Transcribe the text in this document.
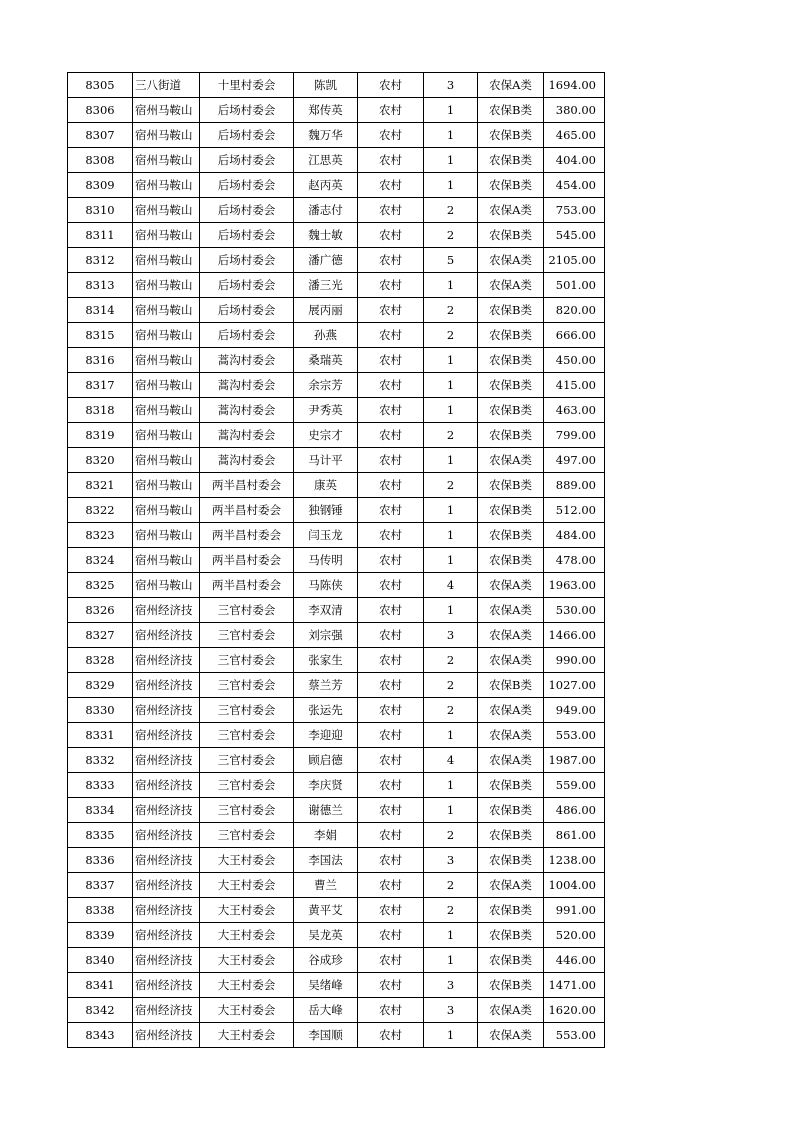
8305	三八街道	十里村委会	陈凯	农村	3	农保A类	1694.00
8306	宿州马鞍山	后场村委会	郑传英	农村	1	农保B类	380.00
8307	宿州马鞍山	后场村委会	魏万华	农村	1	农保B类	465.00
8308	宿州马鞍山	后场村委会	江思英	农村	1	农保B类	404.00
8309	宿州马鞍山	后场村委会	赵丙英	农村	1	农保B类	454.00
8310	宿州马鞍山	后场村委会	潘志付	农村	2	农保A类	753.00
8311	宿州马鞍山	后场村委会	魏士敏	农村	2	农保B类	545.00
8312	宿州马鞍山	后场村委会	潘广德	农村	5	农保A类	2105.00
8313	宿州马鞍山	后场村委会	潘三光	农村	1	农保A类	501.00
8314	宿州马鞍山	后场村委会	展丙丽	农村	2	农保B类	820.00
8315	宿州马鞍山	后场村委会	孙燕	农村	2	农保B类	666.00
8316	宿州马鞍山	蒿沟村委会	桑瑞英	农村	1	农保B类	450.00
8317	宿州马鞍山	蒿沟村委会	余宗芳	农村	1	农保B类	415.00
8318	宿州马鞍山	蒿沟村委会	尹秀英	农村	1	农保B类	463.00
8319	宿州马鞍山	蒿沟村委会	史宗才	农村	2	农保B类	799.00
8320	宿州马鞍山	蒿沟村委会	马计平	农村	1	农保A类	497.00
8321	宿州马鞍山	两半昌村委会	康英	农村	2	农保B类	889.00
8322	宿州马鞍山	两半昌村委会	独钢锤	农村	1	农保B类	512.00
8323	宿州马鞍山	两半昌村委会	闫玉龙	农村	1	农保B类	484.00
8324	宿州马鞍山	两半昌村委会	马传明	农村	1	农保B类	478.00
8325	宿州马鞍山	两半昌村委会	马陈侠	农村	4	农保A类	1963.00
8326	宿州经济技	三官村委会	李双清	农村	1	农保A类	530.00
8327	宿州经济技	三官村委会	刘宗强	农村	3	农保A类	1466.00
8328	宿州经济技	三官村委会	张家生	农村	2	农保A类	990.00
8329	宿州经济技	三官村委会	蔡兰芳	农村	2	农保B类	1027.00
8330	宿州经济技	三官村委会	张运先	农村	2	农保A类	949.00
8331	宿州经济技	三官村委会	李迎迎	农村	1	农保A类	553.00
8332	宿州经济技	三官村委会	顾启德	农村	4	农保A类	1987.00
8333	宿州经济技	三官村委会	李庆贤	农村	1	农保B类	559.00
8334	宿州经济技	三官村委会	谢德兰	农村	1	农保B类	486.00
8335	宿州经济技	三官村委会	李娟	农村	2	农保B类	861.00
8336	宿州经济技	大王村委会	李国法	农村	3	农保B类	1238.00
8337	宿州经济技	大王村委会	曹兰	农村	2	农保A类	1004.00
8338	宿州经济技	大王村委会	黄平艾	农村	2	农保B类	991.00
8339	宿州经济技	大王村委会	吴龙英	农村	1	农保B类	520.00
8340	宿州经济技	大王村委会	谷成珍	农村	1	农保B类	446.00
8341	宿州经济技	大王村委会	吴绪峰	农村	3	农保B类	1471.00
8342	宿州经济技	大王村委会	岳大峰	农村	3	农保A类	1620.00
8343	宿州经济技	大王村委会	李国顺	农村	1	农保A类	553.00
